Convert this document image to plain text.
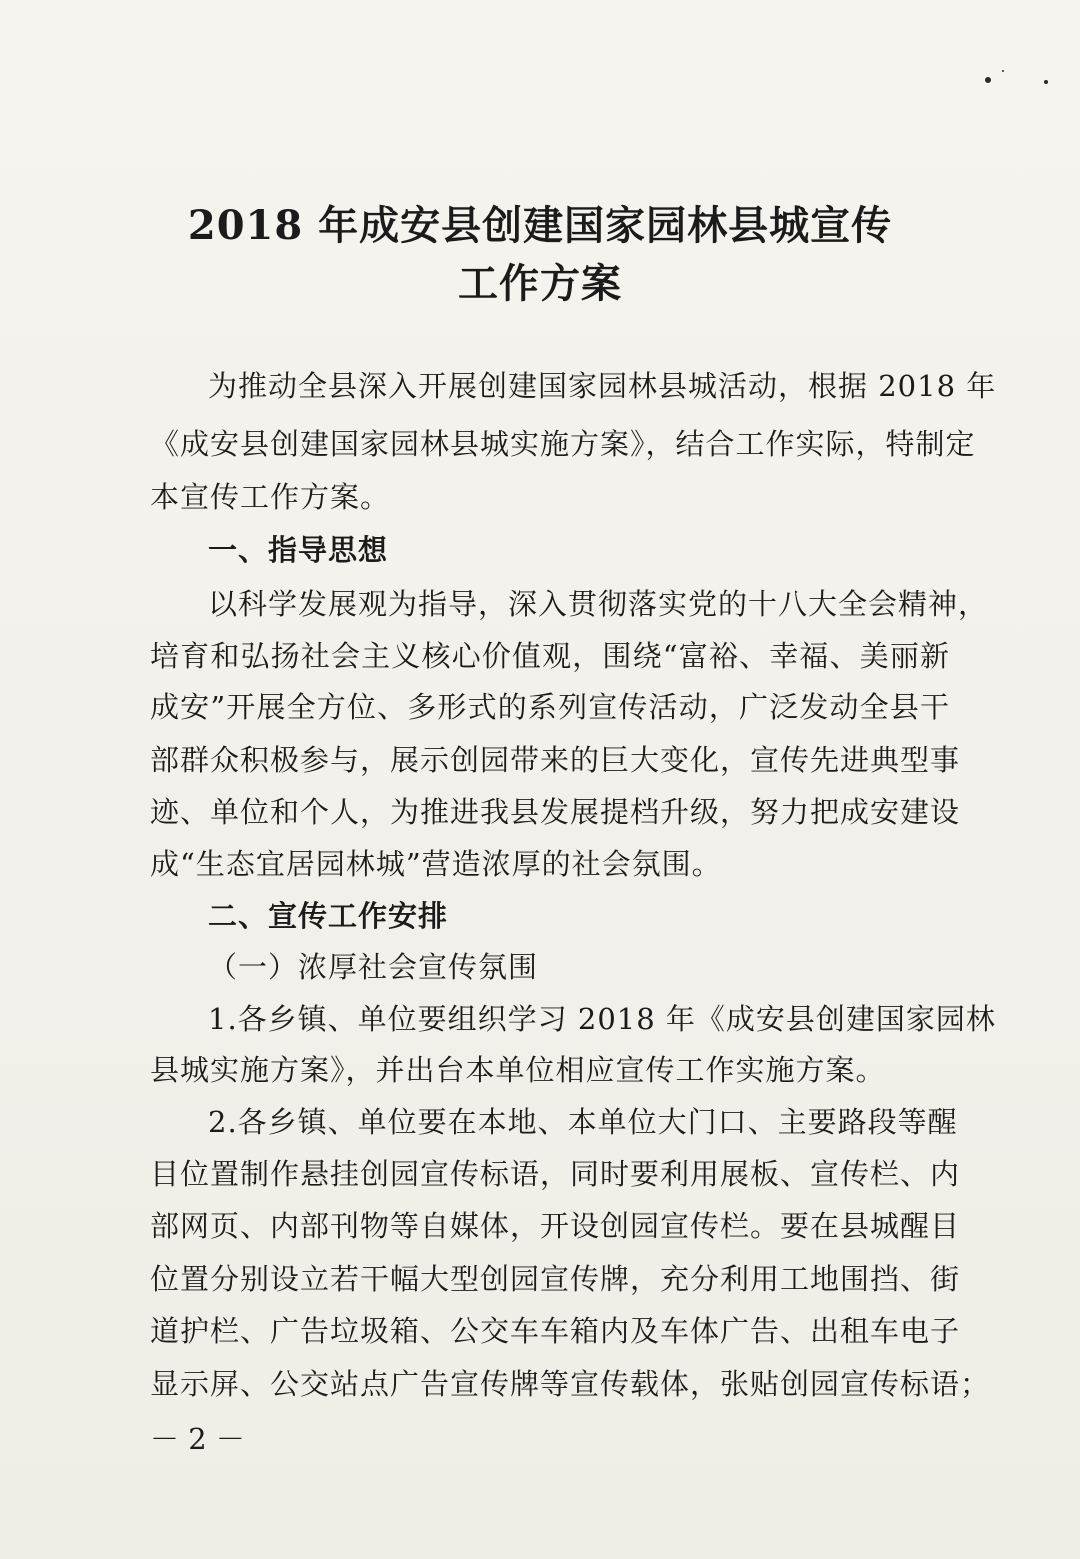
2018 年成安县创建国家园林县城宣传
工作方案
为推动全县深入开展创建国家园林县城活动，根据 2018 年
《成安县创建国家园林县城实施方案》，结合工作实际，特制定
本宣传工作方案。
一、指导思想
以科学发展观为指导，深入贯彻落实党的十八大全会精神，
培育和弘扬社会主义核心价值观，围绕“富裕、幸福、美丽新
成安”开展全方位、多形式的系列宣传活动，广泛发动全县干
部群众积极参与，展示创园带来的巨大变化，宣传先进典型事
迹、单位和个人，为推进我县发展提档升级，努力把成安建设
成“生态宜居园林城”营造浓厚的社会氛围。
二、宣传工作安排
（一）浓厚社会宣传氛围
1.各乡镇、单位要组织学习 2018 年《成安县创建国家园林
县城实施方案》，并出台本单位相应宣传工作实施方案。
2.各乡镇、单位要在本地、本单位大门口、主要路段等醒
目位置制作悬挂创园宣传标语，同时要利用展板、宣传栏、内
部网页、内部刊物等自媒体，开设创园宣传栏。要在县城醒目
位置分别设立若干幅大型创园宣传牌，充分利用工地围挡、街
道护栏、广告垃圾箱、公交车车箱内及车体广告、出租车电子
显示屏、公交站点广告宣传牌等宣传载体，张贴创园宣传标语；
－ 2 －
